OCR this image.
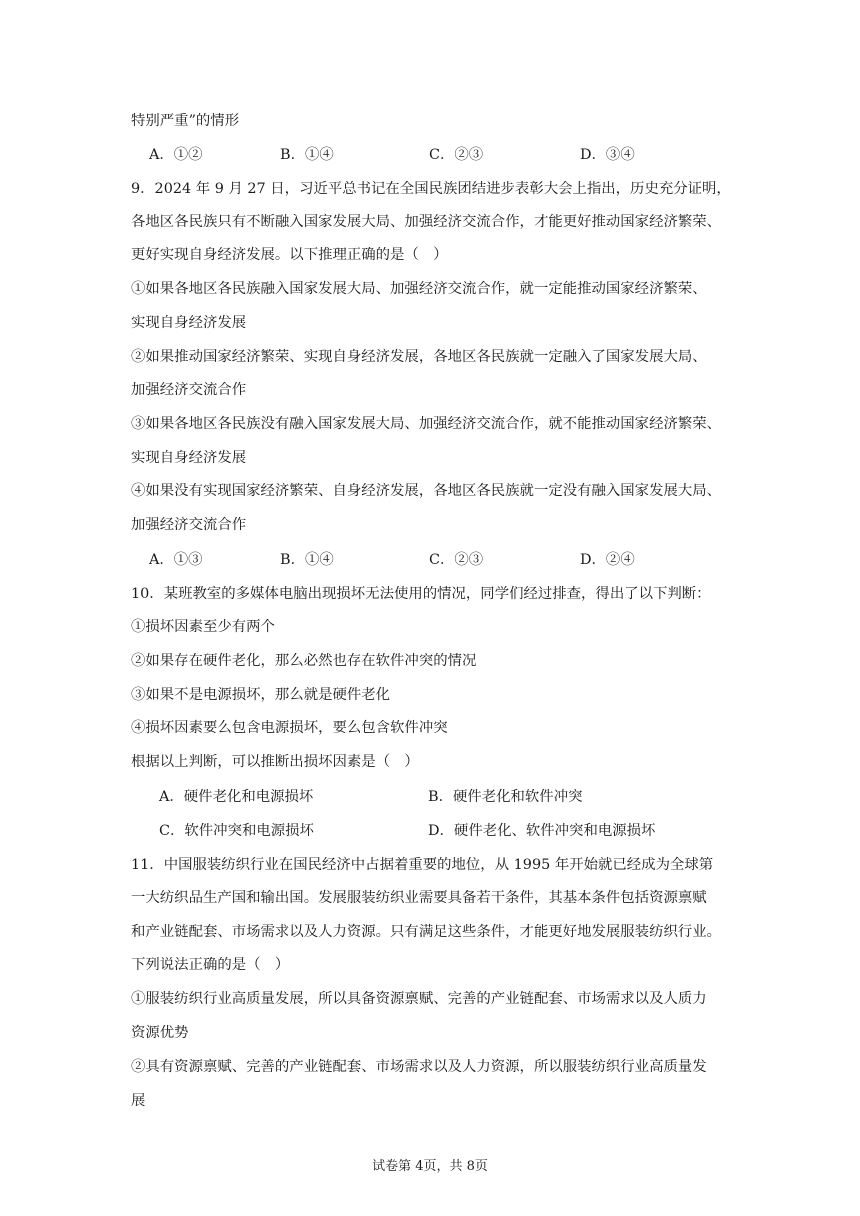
特别严重”的情形
A．①②	B．①④	C．②③	D．③④
9．2024 年 9 月 27 日，习近平总书记在全国民族团结进步表彰大会上指出，历史充分证明，
各地区各民族只有不断融入国家发展大局、加强经济交流合作，才能更好推动国家经济繁荣、
更好实现自身经济发展。以下推理正确的是（　）
①如果各地区各民族融入国家发展大局、加强经济交流合作，就一定能推动国家经济繁荣、
实现自身经济发展
②如果推动国家经济繁荣、实现自身经济发展，各地区各民族就一定融入了国家发展大局、
加强经济交流合作
③如果各地区各民族没有融入国家发展大局、加强经济交流合作，就不能推动国家经济繁荣、
实现自身经济发展
④如果没有实现国家经济繁荣、自身经济发展，各地区各民族就一定没有融入国家发展大局、
加强经济交流合作
A．①③	B．①④	C．②③	D．②④
10．某班教室的多媒体电脑出现损坏无法使用的情况，同学们经过排查，得出了以下判断：
①损坏因素至少有两个
②如果存在硬件老化，那么必然也存在软件冲突的情况
③如果不是电源损坏，那么就是硬件老化
④损坏因素要么包含电源损坏，要么包含软件冲突
根据以上判断，可以推断出损坏因素是（　）
A．硬件老化和电源损坏	B．硬件老化和软件冲突
C．软件冲突和电源损坏	D．硬件老化、软件冲突和电源损坏
11．中国服装纺织行业在国民经济中占据着重要的地位，从 1995 年开始就已经成为全球第
一大纺织品生产国和输出国。发展服装纺织业需要具备若干条件，其基本条件包括资源禀赋
和产业链配套、市场需求以及人力资源。只有满足这些条件，才能更好地发展服装纺织行业。
下列说法正确的是（　）
①服装纺织行业高质量发展，所以具备资源禀赋、完善的产业链配套、市场需求以及人质力
资源优势
②具有资源禀赋、完善的产业链配套、市场需求以及人力资源，所以服装纺织行业高质量发
展
试卷第 4页，共 8页
